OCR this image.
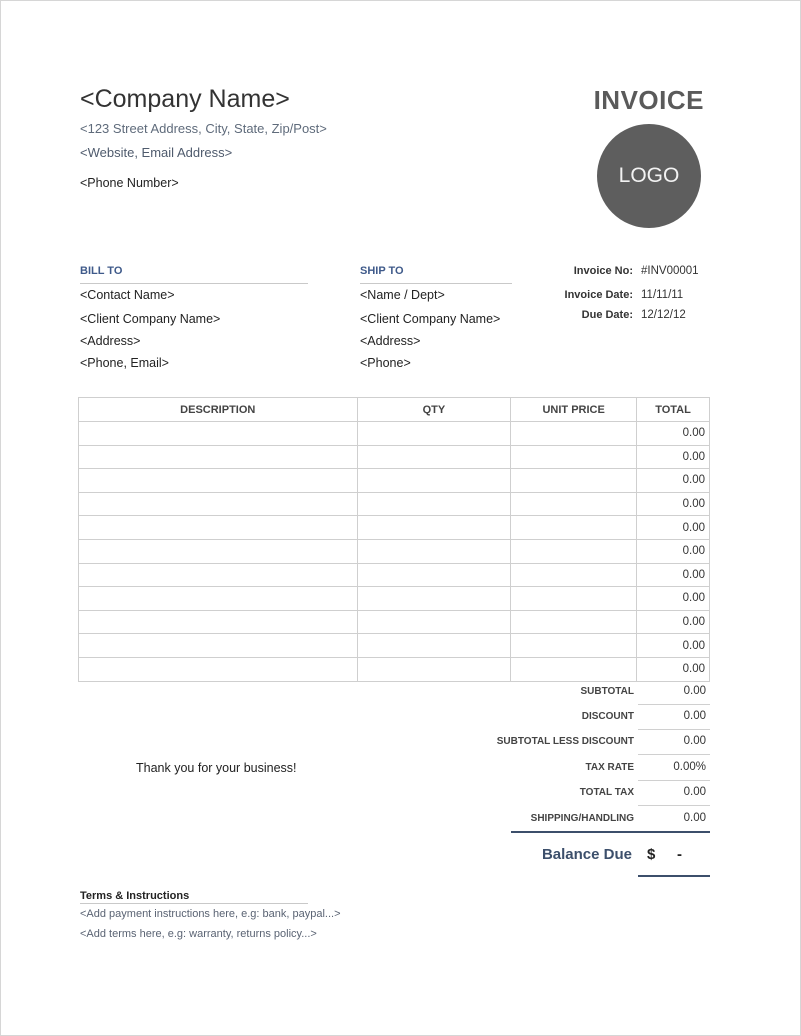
<Company Name>
<123 Street Address, City, State, Zip/Post>
<Website, Email Address>
<Phone Number>
INVOICE
LOGO
BILL TO
<Contact Name>
<Client Company Name>
<Address>
<Phone, Email>
SHIP TO
<Name / Dept>
<Client Company Name>
<Address>
<Phone>
Invoice No: #INV00001
Invoice Date: 11/11/11
Due Date: 12/12/12
DESCRIPTION	QTY	UNIT PRICE	TOTAL
			0.00
			0.00
			0.00
			0.00
			0.00
			0.00
			0.00
			0.00
			0.00
			0.00
			0.00
SUBTOTAL	0.00
DISCOUNT	0.00
SUBTOTAL LESS DISCOUNT	0.00
TAX RATE	0.00%
TOTAL TAX	0.00
SHIPPING/HANDLING	0.00
Thank you for your business!
Balance Due $ -
Terms & Instructions
<Add payment instructions here, e.g: bank, paypal...>
<Add terms here, e.g: warranty, returns policy...>
